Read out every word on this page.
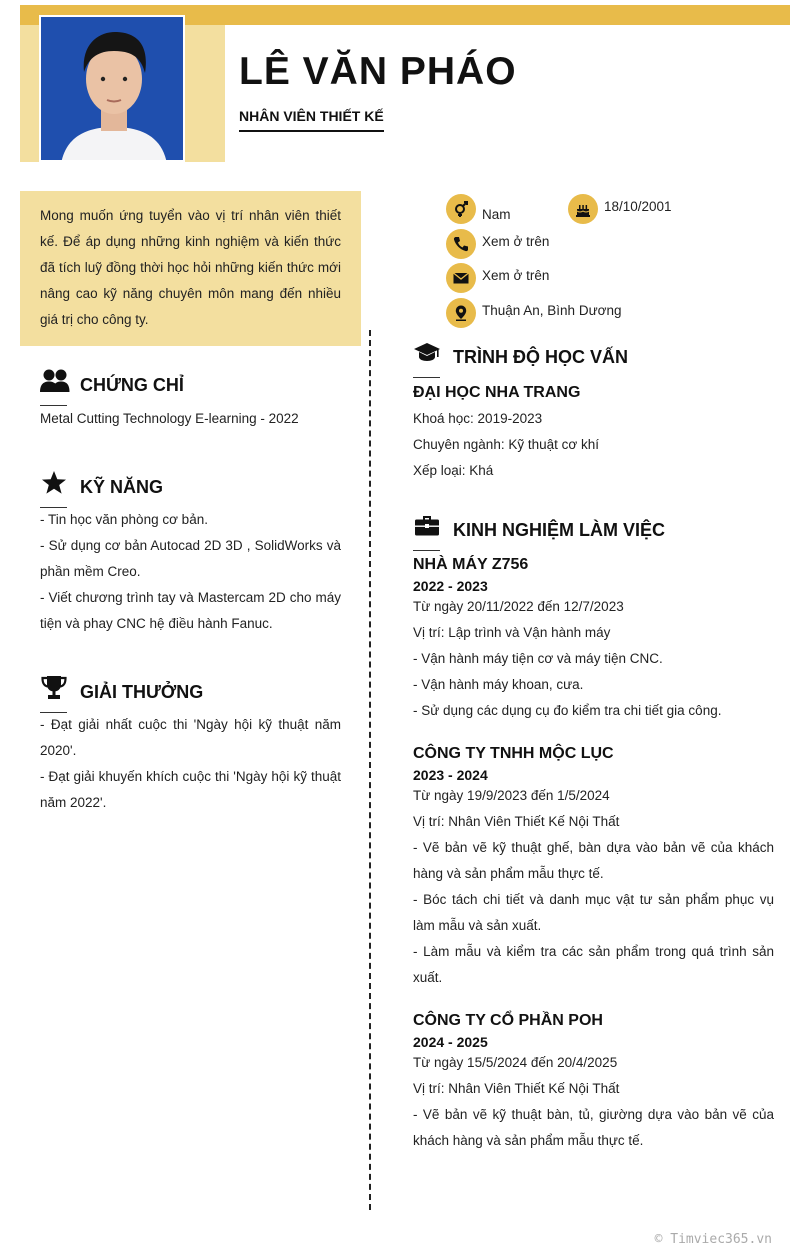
LÊ VĂN PHÁO
NHÂN VIÊN THIẾT KẾ

Mong muốn ứng tuyển vào vị trí nhân viên thiết kế. Để áp dụng những kinh nghiệm và kiến thức đã tích luỹ đồng thời học hỏi những kiến thức mới nâng cao kỹ năng chuyên môn mang đến nhiều giá trị cho công ty.

Nam
18/10/2001
Xem ở trên
Xem ở trên
Thuận An, Bình Dương
CHỨNG CHỈ

Metal Cutting Technology E-learning - 2022

KỸ NĂNG

- Tin học văn phòng cơ bản.

- Sử dụng cơ bản Autocad 2D 3D , SolidWorks và phần mềm Creo.

- Viết chương trình tay và Mastercam 2D cho máy tiện và phay CNC hệ điều hành Fanuc.

GIẢI THƯỞNG

- Đạt giải nhất cuộc thi 'Ngày hội kỹ thuật năm 2020'.

- Đạt giải khuyến khích cuộc thi 'Ngày hội kỹ thuật năm 2022'.

TRÌNH ĐỘ HỌC VẤN
ĐẠI HỌC NHA TRANG

Khoá học: 2019-2023

Chuyên ngành: Kỹ thuật cơ khí

Xếp loại: Khá

KINH NGHIỆM LÀM VIỆC
NHÀ MÁY Z756
2022 - 2023

Từ ngày 20/11/2022 đến 12/7/2023

Vị trí: Lập trình và Vận hành máy

- Vận hành máy tiện cơ và máy tiện CNC.

- Vận hành máy khoan, cưa.

- Sử dụng các dụng cụ đo kiểm tra chi tiết gia công.

CÔNG TY TNHH MỘC LỤC
2023 - 2024

Từ ngày 19/9/2023 đến 1/5/2024

Vị trí: Nhân Viên Thiết Kế Nội Thất

- Vẽ bản vẽ kỹ thuật ghế, bàn dựa vào bản vẽ của khách hàng và sản phẩm mẫu thực tế.

- Bóc tách chi tiết và danh mục vật tư sản phẩm phục vụ làm mẫu và sản xuất.

- Làm mẫu và kiểm tra các sản phẩm trong quá trình sản xuất.

CÔNG TY CỔ PHẦN POH
2024 - 2025

Từ ngày 15/5/2024 đến 20/4/2025

Vị trí: Nhân Viên Thiết Kế Nội Thất

- Vẽ bản vẽ kỹ thuật bàn, tủ, giường dựa vào bản vẽ của khách hàng và sản phẩm mẫu thực tế.

© Timviec365.vn
